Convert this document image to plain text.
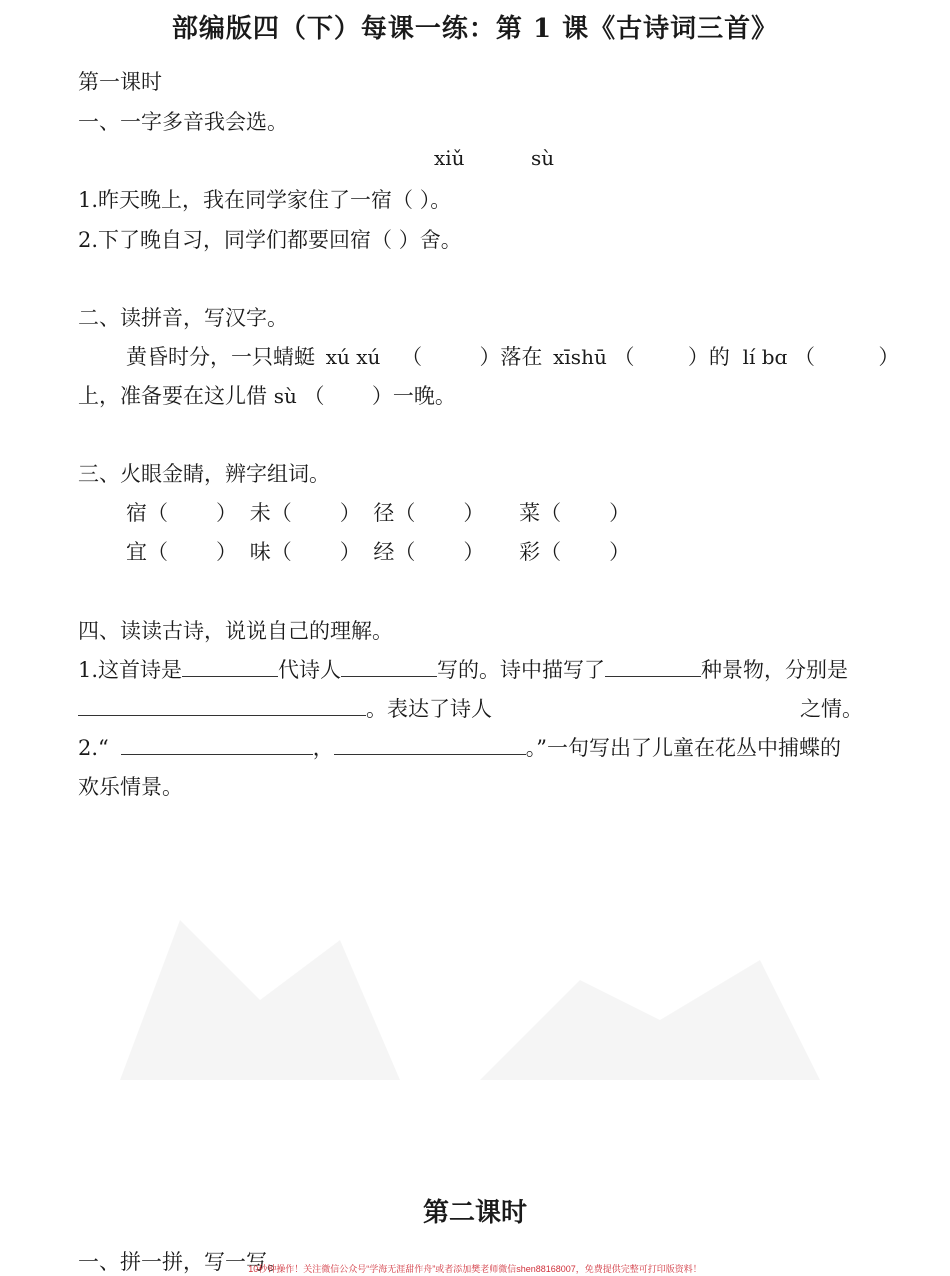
部编版四（下）每课一练：第 1 课《古诗词三首》
第一课时
一、一字多音我会选。
xiǔ	sù
1.昨天晚上，我在同学家住了一宿（ ）。
2.下了晚自习，同学们都要回宿（ ）舍。
二、读拼音，写汉字。
黄昏时分，一只蜻蜓 xú xú （	）落在 xīshū （	）的 lí bɑ （	）
上，准备要在这儿借 sù （ ）一晚。
三、火眼金睛，辨字组词。
宿（ ） 未（ ） 径（ ） 菜（ ）
宜（ ） 味（ ） 经（ ） 彩（ ）
四、读读古诗，说说自己的理解。
1.这首诗是	代诗人	写的。诗中描写了	种景物，分别是
。表达了诗人	之情。
2.“	，	。”一句写出了儿童在花丛中捕蝶的
欢乐情景。
第二课时
一、拼一拼，写一写。
10秒钟操作！关注微信公众号“学海无涯甜作舟”或者添加樊老师微信shen88168007，免费提供完整可打印版资料！
